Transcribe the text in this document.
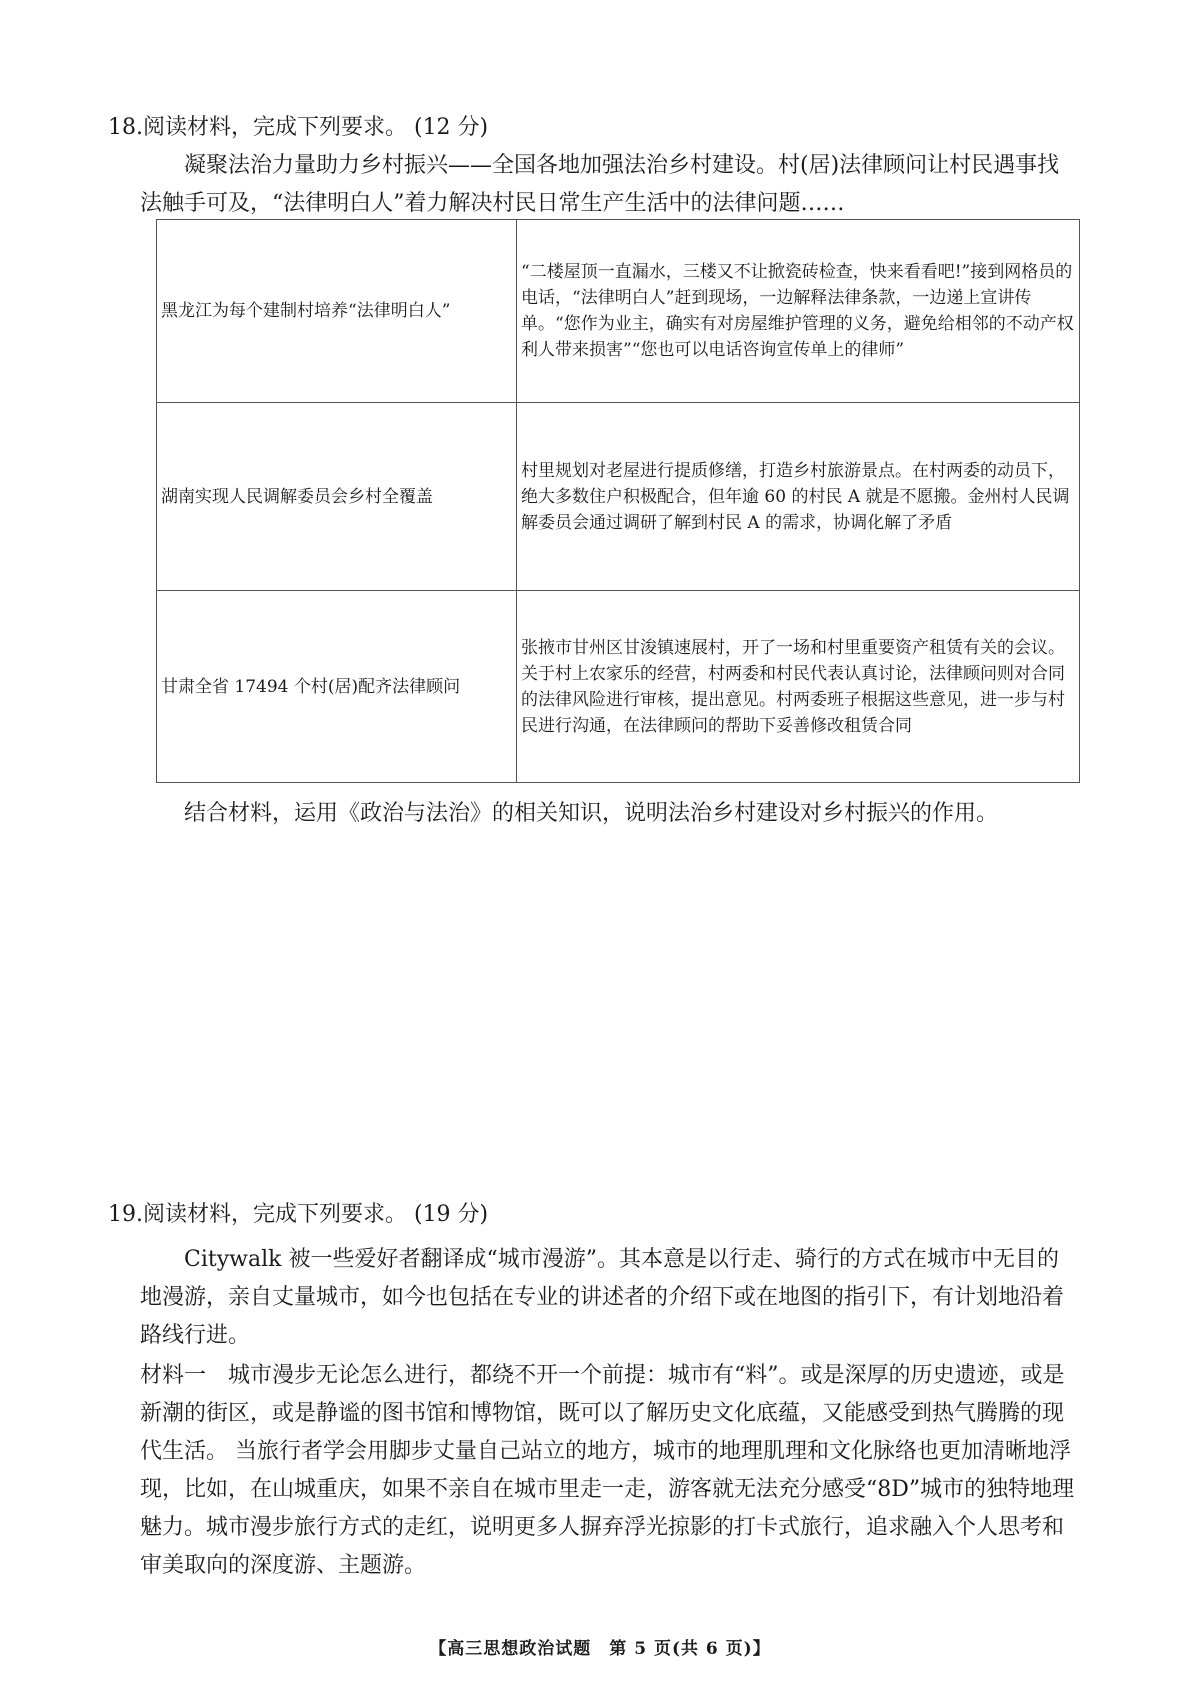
18.阅读材料，完成下列要求。 (12 分)
凝聚法治力量助力乡村振兴——全国各地加强法治乡村建设。村(居)法律顾问让村民遇事找法触手可及，“法律明白人”着力解决村民日常生产生活中的法律问题……
黑龙江为每个建制村培养“法律明白人”	“二楼屋顶一直漏水，三楼又不让掀瓷砖检查，快来看看吧!”接到网格员的电话，“法律明白人”赶到现场，一边解释法律条款，一边递上宣讲传单。“您作为业主，确实有对房屋维护管理的义务，避免给相邻的不动产权利人带来损害”“您也可以电话咨询宣传单上的律师”
湖南实现人民调解委员会乡村全覆盖	村里规划对老屋进行提质修缮，打造乡村旅游景点。在村两委的动员下，绝大多数住户积极配合，但年逾 60 的村民 A 就是不愿搬。金州村人民调解委员会通过调研了解到村民 A 的需求，协调化解了矛盾
甘肃全省 17494 个村(居)配齐法律顾问	张掖市甘州区甘浚镇速展村，开了一场和村里重要资产租赁有关的会议。关于村上农家乐的经营，村两委和村民代表认真讨论，法律顾问则对合同的法律风险进行审核，提出意见。村两委班子根据这些意见，进一步与村民进行沟通，在法律顾问的帮助下妥善修改租赁合同
结合材料，运用《政治与法治》的相关知识，说明法治乡村建设对乡村振兴的作用。
19.阅读材料，完成下列要求。 (19 分)
Citywalk 被一些爱好者翻译成“城市漫游”。其本意是以行走、骑行的方式在城市中无目的地漫游，亲自丈量城市，如今也包括在专业的讲述者的介绍下或在地图的指引下，有计划地沿着路线行进。
材料一　城市漫步无论怎么进行，都绕不开一个前提：城市有“料”。或是深厚的历史遗迹，或是新潮的街区，或是静谧的图书馆和博物馆，既可以了解历史文化底蕴，又能感受到热气腾腾的现代生活。 当旅行者学会用脚步丈量自己站立的地方，城市的地理肌理和文化脉络也更加清晰地浮现，比如，在山城重庆，如果不亲自在城市里走一走，游客就无法充分感受“8D”城市的独特地理魅力。城市漫步旅行方式的走红，说明更多人摒弃浮光掠影的打卡式旅行，追求融入个人思考和审美取向的深度游、主题游。
【高三思想政治试题　第 5 页(共 6 页)】
